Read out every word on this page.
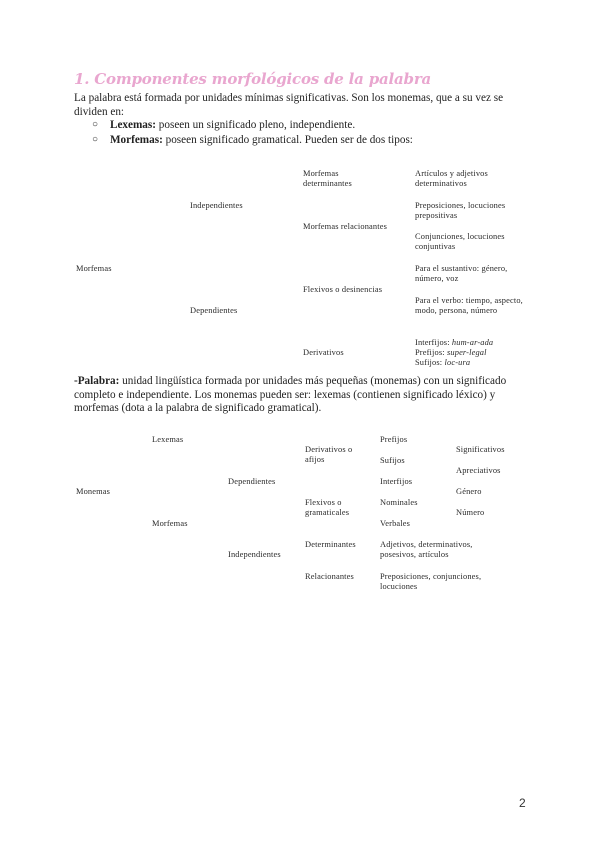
1. Componentes morfológicos de la palabra
La palabra está formada por unidades mínimas significativas. Son los monemas, que a su vez se dividen en:
○ Lexemas: poseen un significado pleno, independiente.
○ Morfemas: poseen significado gramatical. Pueden ser de dos tipos:
Morfemas
Independientes
Dependientes
Morfemas determinantes
Morfemas relacionantes
Flexivos o desinencias
Derivativos
Artículos y adjetivos determinativos
Preposiciones, locuciones prepositivas
Conjunciones, locuciones conjuntivas
Para el sustantivo: género, número, voz
Para el verbo: tiempo, aspecto, modo, persona, número
Interfijos: hum-ar-ada
Prefijos: super-legal
Sufijos: loc-ura
-Palabra: unidad lingüística formada por unidades más pequeñas (monemas) con un significado completo e independiente. Los monemas pueden ser: lexemas (contienen significado léxico) y morfemas (dota a la palabra de significado gramatical).
Monemas
Lexemas
Morfemas
Dependientes
Independientes
Derivativos o afijos
Flexivos o gramaticales
Determinantes
Relacionantes
Prefijos
Sufijos
Interfijos
Nominales
Verbales
Adjetivos, determinativos, posesivos, artículos
Preposiciones, conjunciones, locuciones
Significativos
Apreciativos
Género
Número
2
